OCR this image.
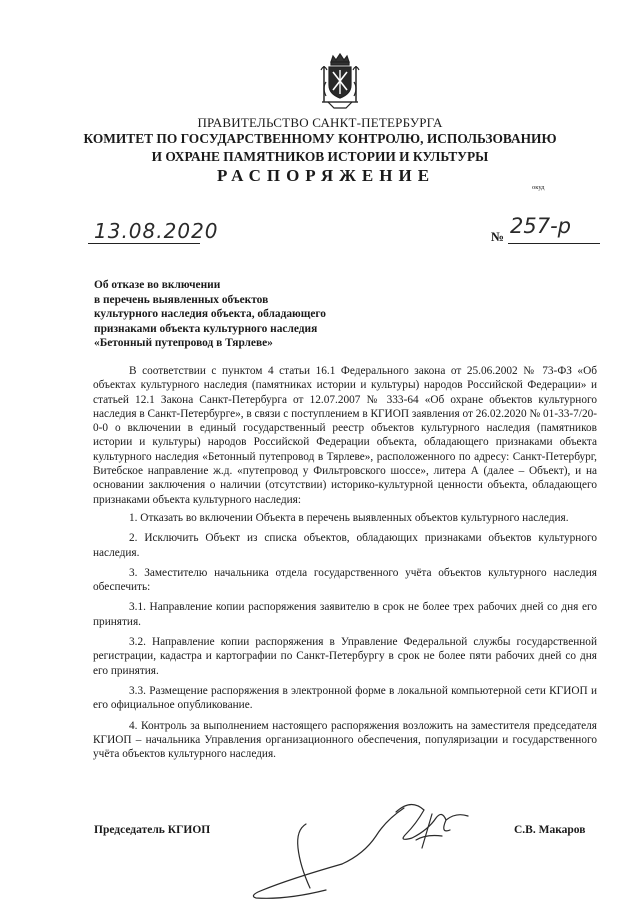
ПРАВИТЕЛЬСТВО САНКТ-ПЕТЕРБУРГА
КОМИТЕТ ПО ГОСУДАРСТВЕННОМУ КОНТРОЛЮ, ИСПОЛЬЗОВАНИЮ
И ОХРАНЕ ПАМЯТНИКОВ ИСТОРИИ И КУЛЬТУРЫ
РАСПОРЯЖЕНИЕ
окуд
13.08.2020	№ 257-р
Об отказе во включении
в перечень выявленных объектов
культурного наследия объекта, обладающего
признаками объекта культурного наследия
«Бетонный путепровод в Тярлеве»

В соответствии с пунктом 4 статьи 16.1 Федерального закона от 25.06.2002 № 73-ФЗ «Об объектах культурного наследия (памятниках истории и культуры) народов Российской Федерации» и статьей 12.1 Закона Санкт-Петербурга от 12.07.2007 № 333-64 «Об охране объектов культурного наследия в Санкт-Петербурге», в связи с поступлением в КГИОП заявления от 26.02.2020 № 01-33-7/20-0-0 о включении в единый государственный реестр объектов культурного наследия (памятников истории и культуры) народов Российской Федерации объекта, обладающего признаками объекта культурного наследия «Бетонный путепровод в Тярлеве», расположенного по адресу: Санкт-Петербург, Витебское направление ж.д. «путепровод у Фильтровского шоссе», литера А (далее – Объект), и на основании заключения о наличии (отсутствии) историко-культурной ценности объекта, обладающего признаками объекта культурного наследия:

1. Отказать во включении Объекта в перечень выявленных объектов культурного наследия.

2. Исключить Объект из списка объектов, обладающих признаками объектов культурного наследия.

3. Заместителю начальника отдела государственного учёта объектов культурного наследия обеспечить:

3.1. Направление копии распоряжения заявителю в срок не более трех рабочих дней со дня его принятия.

3.2. Направление копии распоряжения в Управление Федеральной службы государственной регистрации, кадастра и картографии по Санкт-Петербургу в срок не более пяти рабочих дней со дня его принятия.

3.3. Размещение распоряжения в электронной форме в локальной компьютерной сети КГИОП и его официальное опубликование.

4. Контроль за выполнением настоящего распоряжения возложить на заместителя председателя КГИОП – начальника Управления организационного обеспечения, популяризации и государственного учёта объектов культурного наследия.

Председатель КГИОП	С.В. Макаров
